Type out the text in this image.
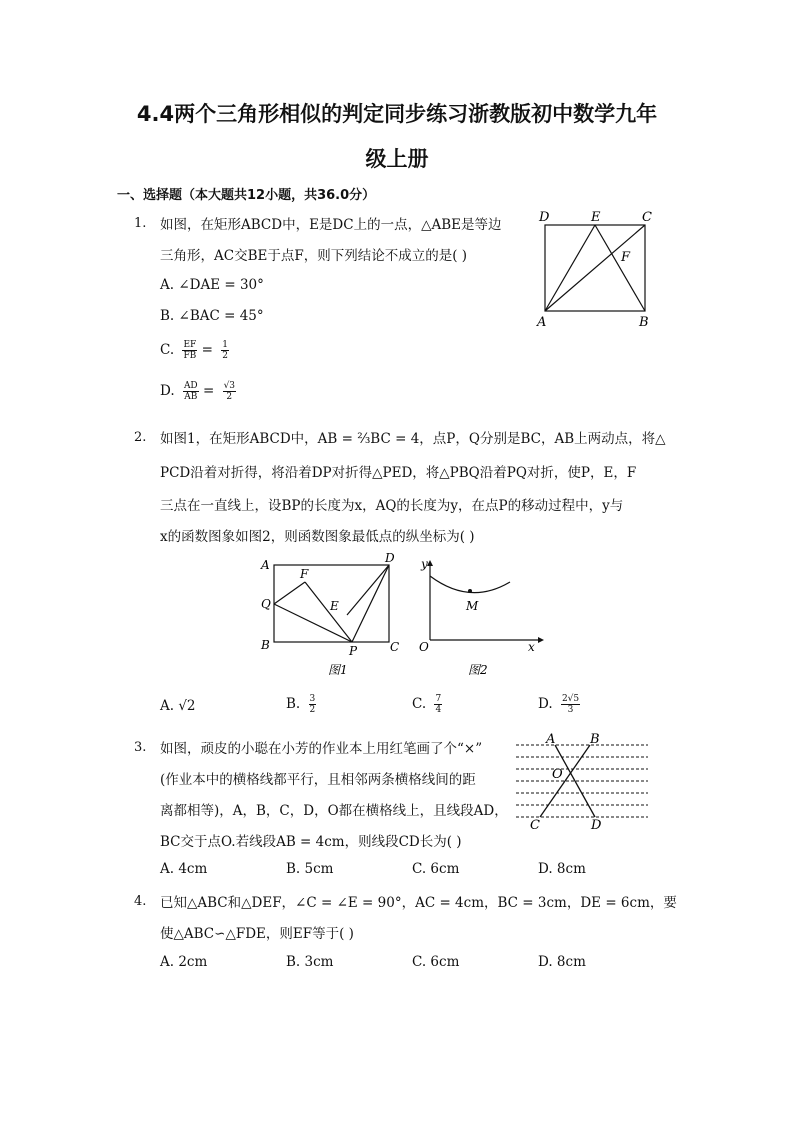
4.4两个三角形相似的判定同步练习浙教版初中数学九年
级上册
一、选择题（本大题共12小题，共36.0分）
1. 如图，在矩形ABCD中，E是DC上的一点，△ABE是等边
三角形，AC交BE于点F，则下列结论不成立的是( )
A. ∠DAE = 30°
B. ∠BAC = 45°
C. $\frac{EF}{FB} = \frac{1}{2}$
D. $\frac{AD}{AB} = \frac{√3}{2}$
D	E	C
F
A	B
2. 如图1，在矩形ABCD中，AB = ⅔BC = 4，点P，Q分别是BC，AB上两动点，将△
PCD沿着对折得，将沿着DP对折得△PED，将△PBQ沿着PQ对折，使P，E，F
三点在一直线上，设BP的长度为x，AQ的长度为y，在点P的移动过程中，y与
x的函数图象如图2，则函数图象最低点的纵坐标为( )
A	D
F
Q	E
B	P	C
图1
y
M
O	x
图2
A. √2	B. $\frac{3}{2}$	C. $\frac{7}{4}$	D. $\frac{2√5}{3}$
3. 如图，顽皮的小聪在小芳的作业本上用红笔画了个“×”
(作业本中的横格线都平行，且相邻两条横格线间的距
离都相等)，A，B，C，D，O都在横格线上，且线段AD，
BC交于点O.若线段AB = 4cm，则线段CD长为( )
A	B
O
C	D
A. 4cm	B. 5cm	C. 6cm	D. 8cm
4. 已知△ABC和△DEF，∠C = ∠E = 90°，AC = 4cm，BC = 3cm，DE = 6cm，要
使△ABC∽△FDE，则EF等于( )
A. 2cm	B. 3cm	C. 6cm	D. 8cm
